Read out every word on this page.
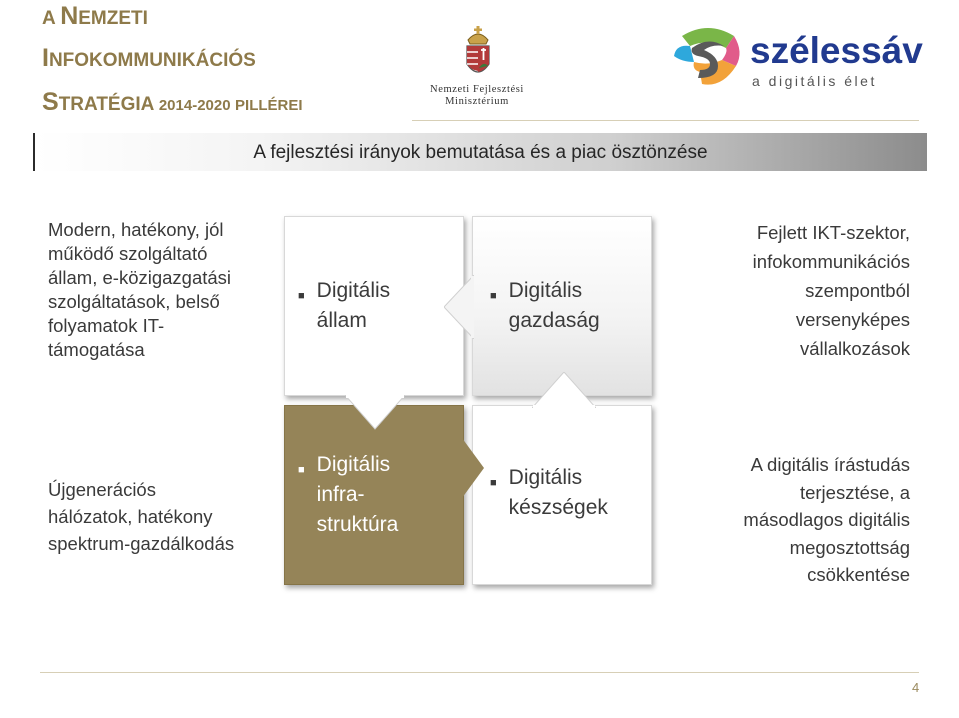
A NEMZETI
INFOKOMMUNIKÁCIÓS
STRATÉGIA 2014-2020 PILLÉREI
Nemzeti Fejlesztési Minisztérium
szélessáv
a digitális élet
A fejlesztési irányok bemutatása és a piac ösztönzése
Modern, hatékony, jól
működő szolgáltató
állam, e-közigazgatási
szolgáltatások, belső
folyamatok IT-
támogatása
Fejlett IKT-szektor,
infokommunikációs
szempontból
versenyképes
vállalkozások
Újgenerációs
hálózatok, hatékony
spektrum-gazdálkodás
A digitális írástudás
terjesztése, a
másodlagos digitális
megosztottság
csökkentése
■ Digitális
állam
■ Digitális
gazdaság
■ Digitális
infra-
struktúra
■ Digitális
készségek
4
